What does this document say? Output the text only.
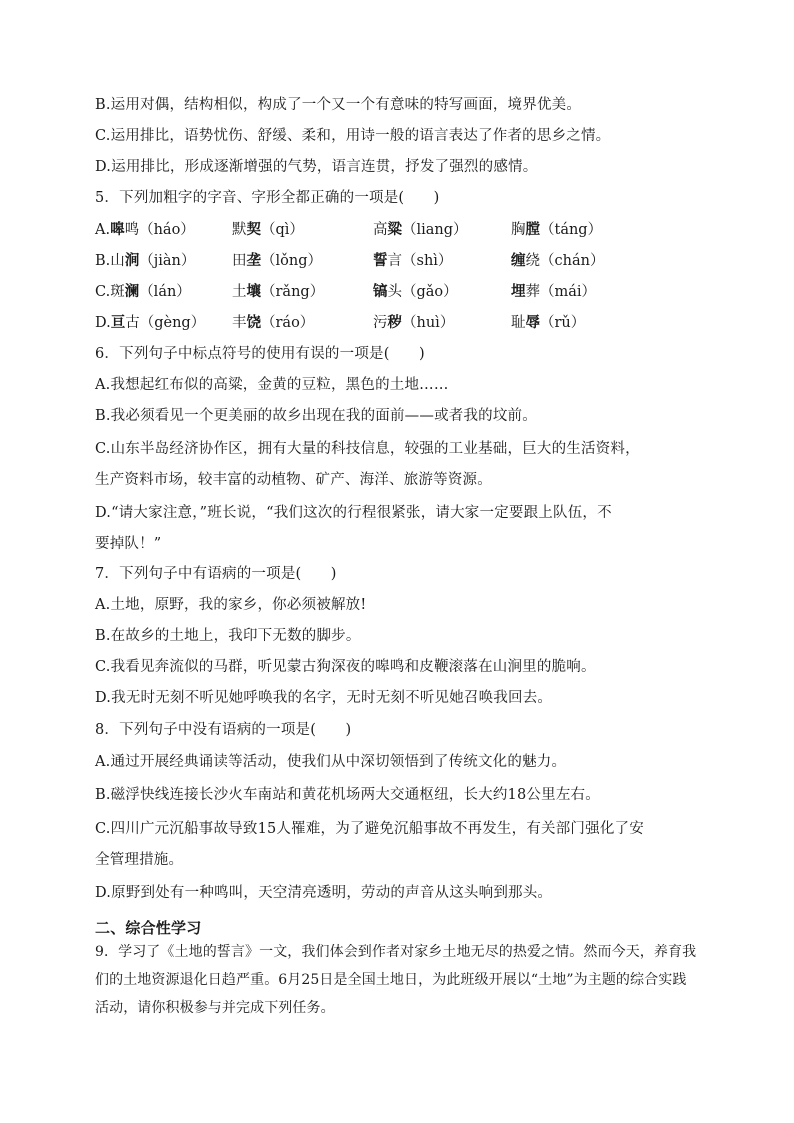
B.运用对偶，结构相似，构成了一个又一个有意味的特写画面，境界优美。
C.运用排比，语势忧伤、舒缓、柔和，用诗一般的语言表达了作者的思乡之情。
D.运用排比，形成逐渐增强的气势，语言连贯，抒发了强烈的感情。
5．下列加粗字的字音、字形全都正确的一项是(　　)
A.嗥鸣（háo）	默契（qì）	高粱（liang）	胸膛（táng）
B.山涧（jiàn）	田垄（lǒng）	誓言（shì）	缠绕（chán）
C.斑澜（lán）	土壤（rǎng）	镐头（gǎo）	埋葬（mái）
D.亘古（gèng） 丰饶（ráo）	污秽（huì）	耻辱（rǔ）
6．下列句子中标点符号的使用有误的一项是(　　)
A.我想起红布似的高粱，金黄的豆粒，黑色的土地……
B.我必须看见一个更美丽的故乡出现在我的面前——或者我的坟前。
C.山东半岛经济协作区，拥有大量的科技信息，较强的工业基础，巨大的生活资料，
生产资料市场，较丰富的动植物、矿产、海洋、旅游等资源。
D.“请大家注意，”班长说，“我们这次的行程很紧张，请大家一定要跟上队伍，不
要掉队！”
7．下列句子中有语病的一项是(　　)
A.土地，原野，我的家乡，你必须被解放!
B.在故乡的土地上，我印下无数的脚步。
C.我看见奔流似的马群，听见蒙古狗深夜的嗥鸣和皮鞭滚落在山涧里的脆响。
D.我无时无刻不听见她呼唤我的名字，无时无刻不听见她召唤我回去。
8．下列句子中没有语病的一项是(　　)
A.通过开展经典诵读等活动，使我们从中深切领悟到了传统文化的魅力。
B.磁浮快线连接长沙火车南站和黄花机场两大交通枢纽，长大约18公里左右。
C.四川广元沉船事故导致15人罹难，为了避免沉船事故不再发生，有关部门强化了安
全管理措施。
D.原野到处有一种鸣叫，天空清亮透明，劳动的声音从这头响到那头。
二、综合性学习
9．学习了《土地的誓言》一文，我们体会到作者对家乡土地无尽的热爱之情。然而今天，养育我
们的土地资源退化日趋严重。6月25日是全国土地日，为此班级开展以“土地”为主题的综合实践
活动，请你积极参与并完成下列任务。
